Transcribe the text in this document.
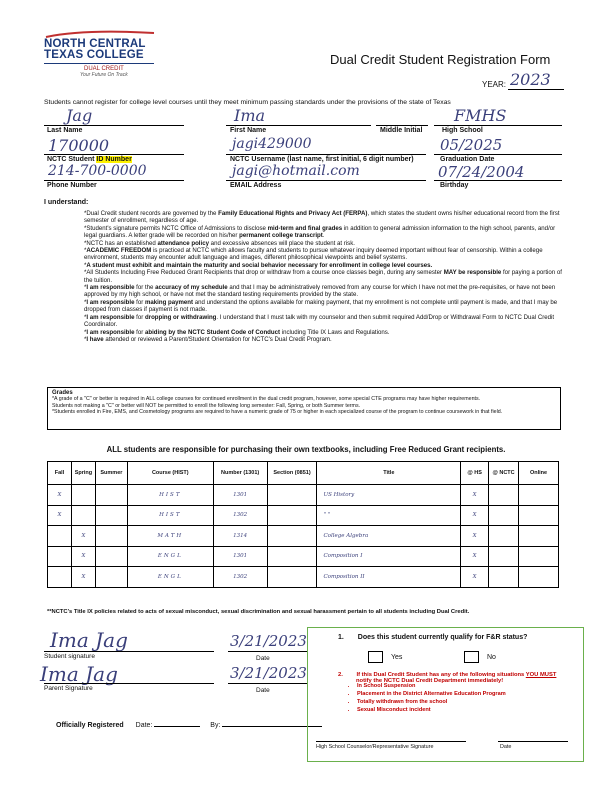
NORTH CENTRAL
TEXAS COLLEGE
DUAL CREDIT
Your Future On Track
Dual Credit Student Registration Form
YEAR: 2023
Students cannot register for college level courses until they meet minimum passing standards under the provisions of the state of Texas
Jag
Last Name
Ima
First Name	Middle Initial
FMHS
High School
170000
NCTC Student ID Number
jagi429000
NCTC Username (last name, first initial, 6 digit number)
05/2025
Graduation Date
214-700-0000
Phone Number
jagi@hotmail.com
EMAIL Address
07/24/2004
Birthday
I understand:

*Dual Credit student records are governed by the Family Educational Rights and Privacy Act (FERPA), which states the student owns his/her educational record from the first semester of enrollment, regardless of age.

*Student's signature permits NCTC Office of Admissions to disclose mid-term and final grades in addition to general admission information to the high school, parents, and/or legal guardians. A letter grade will be recorded on his/her permanent college transcript.

*NCTC has an established attendance policy and excessive absences will place the student at risk.

*ACADEMIC FREEDOM is practiced at NCTC which allows faculty and students to pursue whatever inquiry deemed important without fear of censorship. Within a college environment, students may encounter adult language and images, different philosophical viewpoints and belief systems.

*A student must exhibit and maintain the maturity and social behavior necessary for enrollment in college level courses.

*All Students Including Free Reduced Grant Recipients that drop or withdraw from a course once classes begin, during any semester MAY be responsible for paying a portion of the tuition.

*I am responsible for the accuracy of my schedule and that I may be administratively removed from any course for which I have not met the pre-requisites, or have not been approved by my high school, or have not met the standard testing requirements provided by the state.

*I am responsible for making payment and understand the options available for making payment, that my enrollment is not complete until payment is made, and that I may be dropped from classes if payment is not made.

*I am responsible for dropping or withdrawing. I understand that I must talk with my counselor and then submit required Add/Drop or Withdrawal Form to NCTC Dual Credit Coordinator.

*I am responsible for abiding by the NCTC Student Code of Conduct including Title IX Laws and Regulations.

*I have attended or reviewed a Parent/Student Orientation for NCTC's Dual Credit Program.

Grades
*A grade of a "C" or better is required in ALL college courses for continued enrollment in the dual credit program, however, some special CTE programs may have higher requirements.
Students not making a "C" or better will NOT be permitted to enroll the following long semester: Fall, Spring, or both Summer terms.
*Students enrolled in Fire, EMS, and Cosmetology programs are required to have a numeric grade of 75 or higher in each specialized course of the program to continue coursework in that field.
ALL students are responsible for purchasing their own textbooks, including Free Reduced Grant recipients.
Fall	Spring	Summer	Course (HIST)	Number (1301)	Section (0851)	Title	@ HS	@ NCTC	Online
X			HIST	1301		US History	X		
X			HIST	1302		" "	X		
	X		MATH	1314		College Algebra	X		
	X		ENGL	1301		Composition I	X		
	X		ENGL	1302		Composition II	X		
**NCTC's Title IX policies related to acts of sexual misconduct, sexual discrimination and sexual harassment pertain to all students including Dual Credit.
Ima Jag
Student signature
3/21/2023
Date
Ima Jag
Parent Signature
3/21/2023
Date
Officially Registered Date:	By:
1. Does this student currently qualify for F&R status?
Yes	No
2. If this Dual Credit Student has any of the following situations YOU MUST
notify the NCTC Dual Credit Department immediately!
• In School Suspension
• Placement in the District Alternative Education Program
• Totally withdrawn from the school
• Sexual Misconduct incident
High School Counselor/Representative Signature	Date
